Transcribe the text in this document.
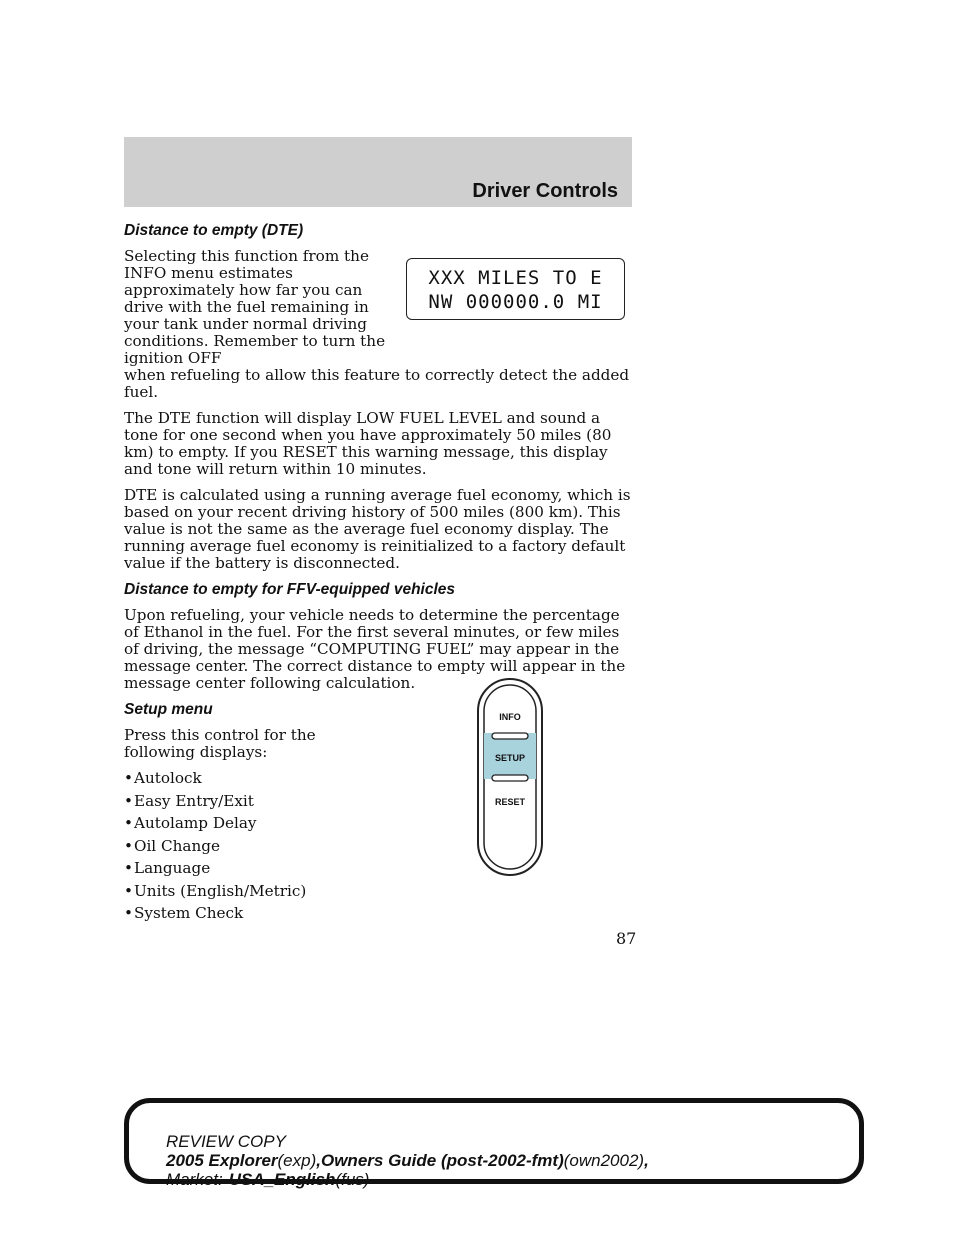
Driver Controls
XXX MILES TO E
NW 000000.0 MI
Distance to empty (DTE)

Selecting this function from the INFO menu estimates approximately how far you can drive with the fuel remaining in your tank under normal driving conditions. Remember to turn the ignition OFF

when refueling to allow this feature to correctly detect the added fuel.

The DTE function will display LOW FUEL LEVEL and sound a tone for one second when you have approximately 50 miles (80 km) to empty. If you RESET this warning message, this display and tone will return within 10 minutes.

DTE is calculated using a running average fuel economy, which is based on your recent driving history of 500 miles (800 km). This value is not the same as the average fuel economy display. The running average fuel economy is reinitialized to a factory default value if the battery is disconnected.

Distance to empty for FFV-equipped vehicles

Upon refueling, your vehicle needs to determine the percentage of Ethanol in the fuel. For the first several minutes, or few miles of driving, the message “COMPUTING FUEL” may appear in the message center. The correct distance to empty will appear in the message center following calculation.

Setup menu

Press this control for the following displays:

•Autolock
•Easy Entry/Exit
•Autolamp Delay
•Oil Change
•Language
•Units (English/Metric)
•System Check
INFO
SETUP
RESET
87
REVIEW COPY
2005 Explorer(exp),Owners Guide (post-2002-fmt)(own2002),
Market: USA_English(fus)
